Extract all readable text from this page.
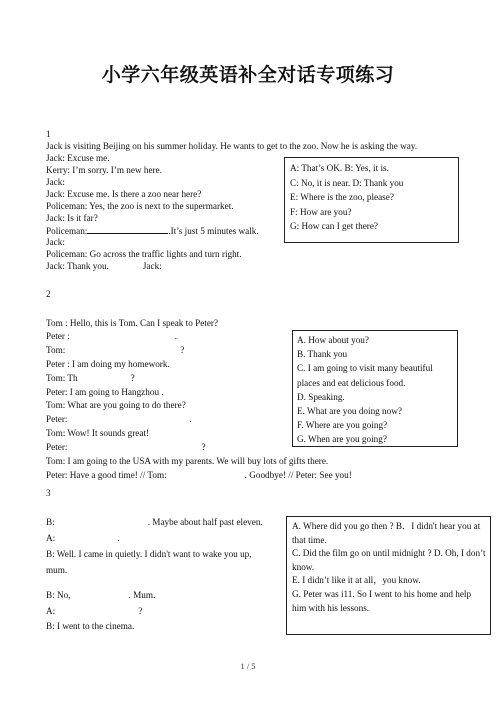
小学六年级英语补全对话专项练习
1
Jack is visiting Beijing on his summer holiday. He wants to get to the zoo. Now he is asking the way.
Jack: Excuse me.
Kerry: I’m sorry. I’m new here.
Jack:
Jack: Excuse me. Is there a zoo near here?
Policeman: Yes, the zoo is next to the supermarket.
Jack: Is it far?
Policeman:	.It’s just 5 minutes walk.
Jack:
Policeman: Go across the traffic lights and turn right.
Jack: Thank you.	Jack:
A: That’s OK. B: Yes, it is.
C: No, it is near. D: Thank you
E: Where is the zoo, please?
F: How are you?
G: How can I get there?
2
Tom : Hello, this is Tom. Can I speak to Peter?
Peter :	.
Tom:	?
Peter : I am doing my homework.
Tom: Th	?
Peter: I am going to Hangzhou .
Tom: What are you going to do there?
Peter:	.
Tom: Wow! It sounds great!
Peter:	?
Tom: I am going to the USA with my parents. We will buy lots of gifts there.
Peter: Have a good time! // Tom:	. Goodbye! // Peter: See you!
A. How about you?
B. Thank you
C. I am going to visit many beautiful places and eat delicious food.
D. Speaking.
E. What are you doing now?
F. Where are you going?
G. When are you going?
3
B:	. Maybe about half past eleven.
A:	.
B: Well. I came in quietly. I didn't want to wake you up,
mum.
B: No,	. Mum.
A:	?
B: I went to the cinema.
A. Where did you go then ? B．I didn't hear you at that time.
C. Did the film go on until midnight ? D. Oh, I don’t know.
E. I didn’t like it at all，you know.
G. Peter was i11. So I went to his home and help him with his lessons.
1 / 5
